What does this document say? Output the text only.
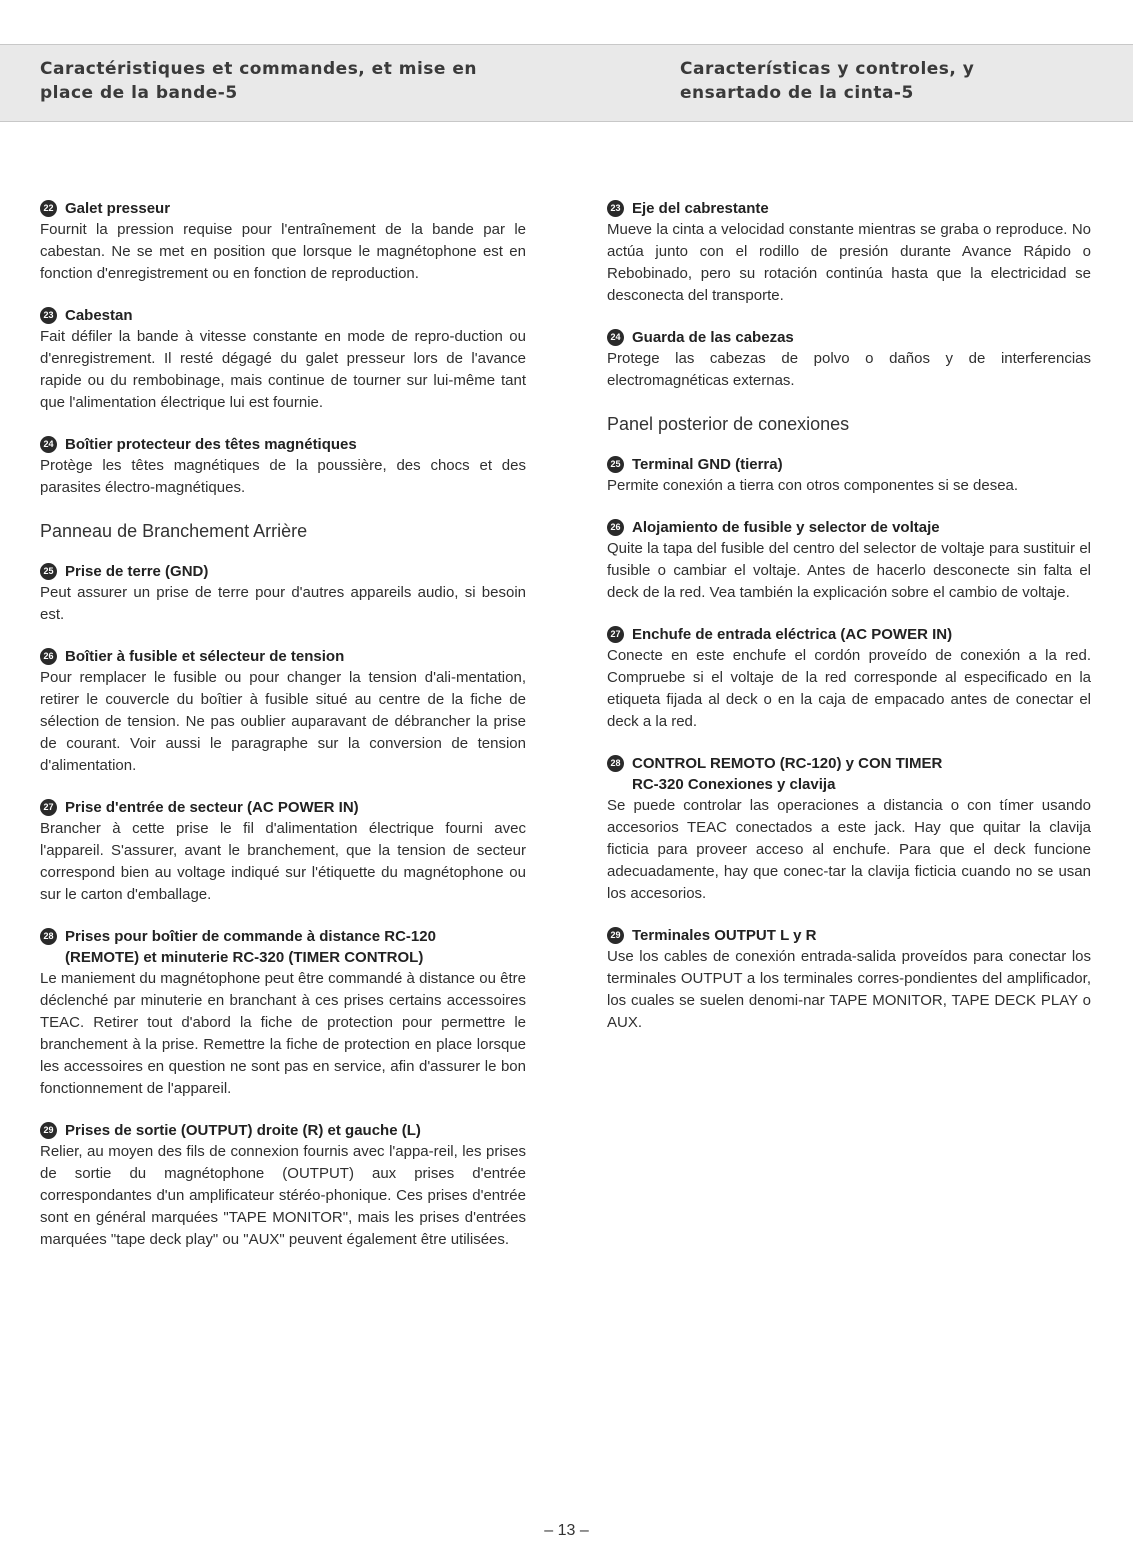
Caractéristiques et commandes, et mise en
place de la bande-5
Características y controles, y
ensartado de la cinta-5
22 Galet presseur

Fournit la pression requise pour l'entraînement de la bande par le cabestan. Ne se met en position que lorsque le magnétophone est en fonction d'enregistrement ou en fonction de reproduction.

23 Cabestan

Fait défiler la bande à vitesse constante en mode de repro-duction ou d'enregistrement. Il resté dégagé du galet presseur lors de l'avance rapide ou du rembobinage, mais continue de tourner sur lui-même tant que l'alimentation électrique lui est fournie.

24 Boîtier protecteur des têtes magnétiques

Protège les têtes magnétiques de la poussière, des chocs et des parasites électro-magnétiques.

Panneau de Branchement Arrière
25 Prise de terre (GND)

Peut assurer un prise de terre pour d'autres appareils audio, si besoin est.

26 Boîtier à fusible et sélecteur de tension

Pour remplacer le fusible ou pour changer la tension d'ali-mentation, retirer le couvercle du boîtier à fusible situé au centre de la fiche de sélection de tension. Ne pas oublier auparavant de débrancher la prise de courant. Voir aussi le paragraphe sur la conversion de tension d'alimentation.

27 Prise d'entrée de secteur (AC POWER IN)

Brancher à cette prise le fil d'alimentation électrique fourni avec l'appareil. S'assurer, avant le branchement, que la tension de secteur correspond bien au voltage indiqué sur l'étiquette du magnétophone ou sur le carton d'emballage.

28 Prises pour boîtier de commande à distance RC-120
(REMOTE) et minuterie RC-320 (TIMER CONTROL)

Le maniement du magnétophone peut être commandé à distance ou être déclenché par minuterie en branchant à ces prises certains accessoires TEAC. Retirer tout d'abord la fiche de protection pour permettre le branchement à la prise. Remettre la fiche de protection en place lorsque les accessoires en question ne sont pas en service, afin d'assurer le bon fonctionnement de l'appareil.

29 Prises de sortie (OUTPUT) droite (R) et gauche (L)

Relier, au moyen des fils de connexion fournis avec l'appa-reil, les prises de sortie du magnétophone (OUTPUT) aux prises d'entrée correspondantes d'un amplificateur stéréo-phonique. Ces prises d'entrée sont en général marquées "TAPE MONITOR", mais les prises d'entrées marquées "tape deck play" ou "AUX" peuvent également être utilisées.

23 Eje del cabrestante

Mueve la cinta a velocidad constante mientras se graba o reproduce. No actúa junto con el rodillo de presión durante Avance Rápido o Rebobinado, pero su rotación continúa hasta que la electricidad se desconecta del transporte.

24 Guarda de las cabezas

Protege las cabezas de polvo o daños y de interferencias electromagnéticas externas.

Panel posterior de conexiones
25 Terminal GND (tierra)

Permite conexión a tierra con otros componentes si se desea.

26 Alojamiento de fusible y selector de voltaje

Quite la tapa del fusible del centro del selector de voltaje para sustituir el fusible o cambiar el voltaje. Antes de hacerlo desconecte sin falta el deck de la red. Vea también la explicación sobre el cambio de voltaje.

27 Enchufe de entrada eléctrica (AC POWER IN)

Conecte en este enchufe el cordón proveído de conexión a la red. Compruebe si el voltaje de la red corresponde al especificado en la etiqueta fijada al deck o en la caja de empacado antes de conectar el deck a la red.

28 CONTROL REMOTO (RC-120) y CON TIMER
RC-320 Conexiones y clavija

Se puede controlar las operaciones a distancia o con tímer usando accesorios TEAC conectados a este jack. Hay que quitar la clavija ficticia para proveer acceso al enchufe. Para que el deck funcione adecuadamente, hay que conec-tar la clavija ficticia cuando no se usan los accesorios.

29 Terminales OUTPUT L y R

Use los cables de conexión entrada-salida proveídos para conectar los terminales OUTPUT a los terminales corres-pondientes del amplificador, los cuales se suelen denomi-nar TAPE MONITOR, TAPE DECK PLAY o AUX.

– 13 –
